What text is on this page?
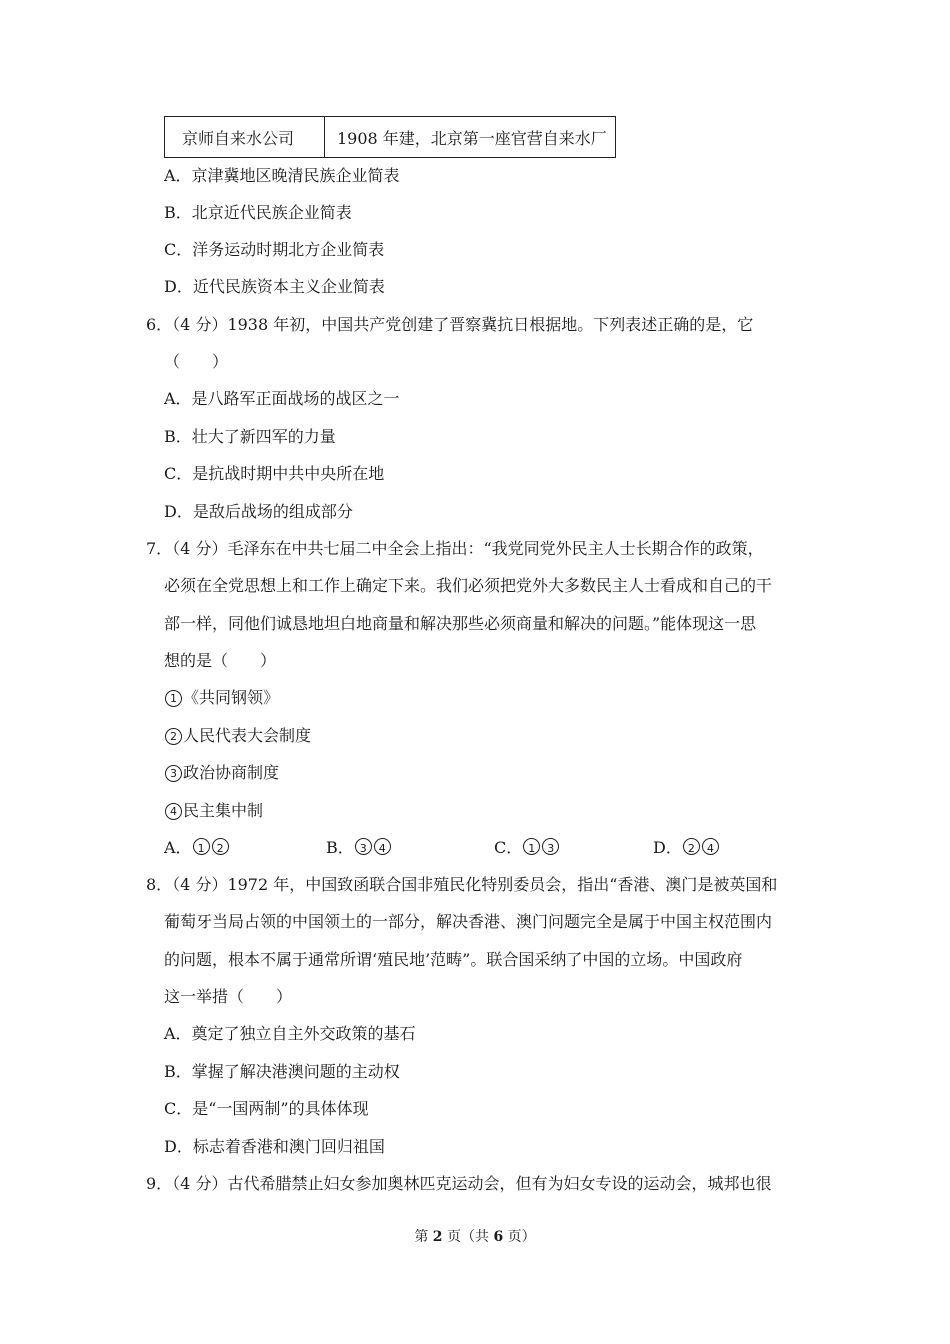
京师自来水公司	1908 年建，北京第一座官营自来水厂
A．京津冀地区晚清民族企业简表
B．北京近代民族企业简表
C．洋务运动时期北方企业简表
D．近代民族资本主义企业简表
6．（4 分）1938 年初，中国共产党创建了晋察冀抗日根据地。下列表述正确的是，它
（　　）
A．是八路军正面战场的战区之一
B．壮大了新四军的力量
C．是抗战时期中共中央所在地
D．是敌后战场的组成部分
7．（4 分）毛泽东在中共七届二中全会上指出：“我党同党外民主人士长期合作的政策，
必须在全党思想上和工作上确定下来。我们必须把党外大多数民主人士看成和自己的干
部一样，同他们诚恳地坦白地商量和解决那些必须商量和解决的问题。”能体现这一思
想的是（　　）
1 《共同钢领》
2 人民代表大会制度
3 政治协商制度
4 民主集中制
A． 1 2	B． 3 4	C． 1 3	D． 2 4
8．（4 分）1972 年，中国致函联合国非殖民化特别委员会，指出“香港、澳门是被英国和
葡萄牙当局占领的中国领土的一部分，解决香港、澳门问题完全是属于中国主权范围内
的问题，根本不属于通常所谓‘殖民地’范畴”。联合国采纳了中国的立场。中国政府
这一举措（　　）
A．奠定了独立自主外交政策的基石
B．掌握了解决港澳问题的主动权
C．是“一国两制”的具体体现
D．标志着香港和澳门回归祖国
9．（4 分）古代希腊禁止妇女参加奥林匹克运动会，但有为妇女专设的运动会，城邦也很
第 2 页（共 6 页）
